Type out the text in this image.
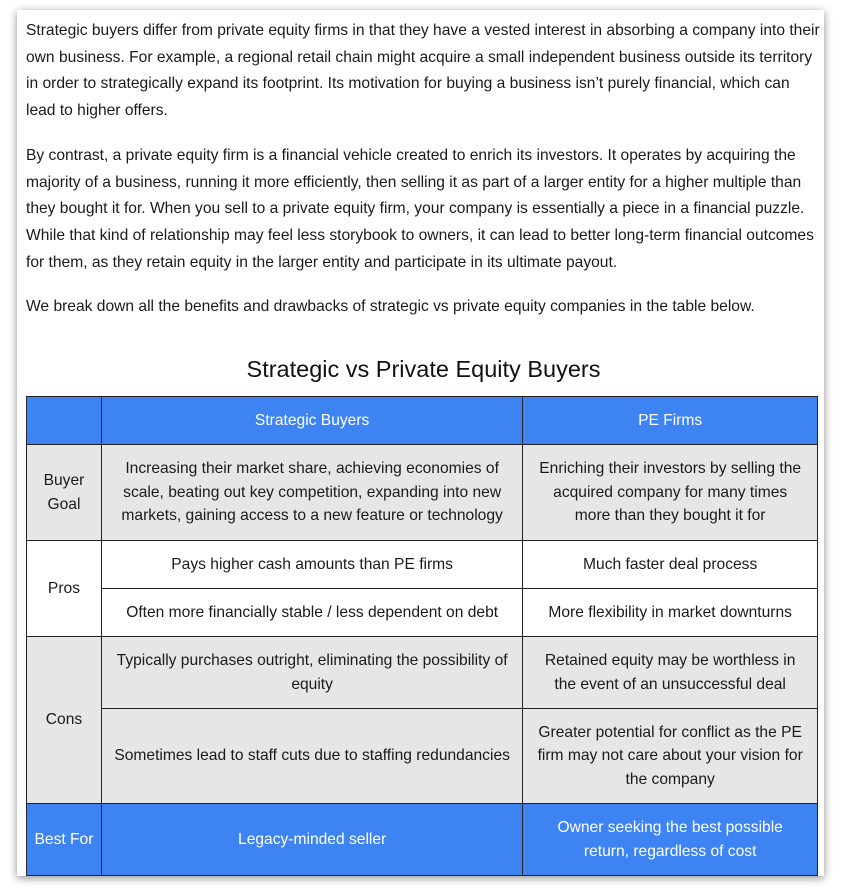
Strategic buyers differ from private equity firms in that they have a vested interest in absorbing a company into their own business. For example, a regional retail chain might acquire a small independent business outside its territory in order to strategically expand its footprint. Its motivation for buying a business isn’t purely financial, which can lead to higher offers.

By contrast, a private equity firm is a financial vehicle created to enrich its investors. It operates by acquiring the majority of a business, running it more efficiently, then selling it as part of a larger entity for a higher multiple than they bought it for. When you sell to a private equity firm, your company is essentially a piece in a financial puzzle. While that kind of relationship may feel less storybook to owners, it can lead to better long-term financial outcomes for them, as they retain equity in the larger entity and participate in its ultimate payout.

We break down all the benefits and drawbacks of strategic vs private equity companies in the table below.

Strategic vs Private Equity Buyers
	Strategic Buyers	PE Firms
Buyer Goal	Increasing their market share, achieving economies of scale, beating out key competition, expanding into new markets, gaining access to a new feature or technology	Enriching their investors by selling the acquired company for many times more than they bought it for
Pros	Pays higher cash amounts than PE firms	Much faster deal process
	Often more financially stable / less dependent on debt	More flexibility in market downturns
Cons	Typically purchases outright, eliminating the possibility of equity	Retained equity may be worthless in the event of an unsuccessful deal
	Sometimes lead to staff cuts due to staffing redundancies	Greater potential for conflict as the PE firm may not care about your vision for the company
Best For	Legacy-minded seller	Owner seeking the best possible return, regardless of cost
